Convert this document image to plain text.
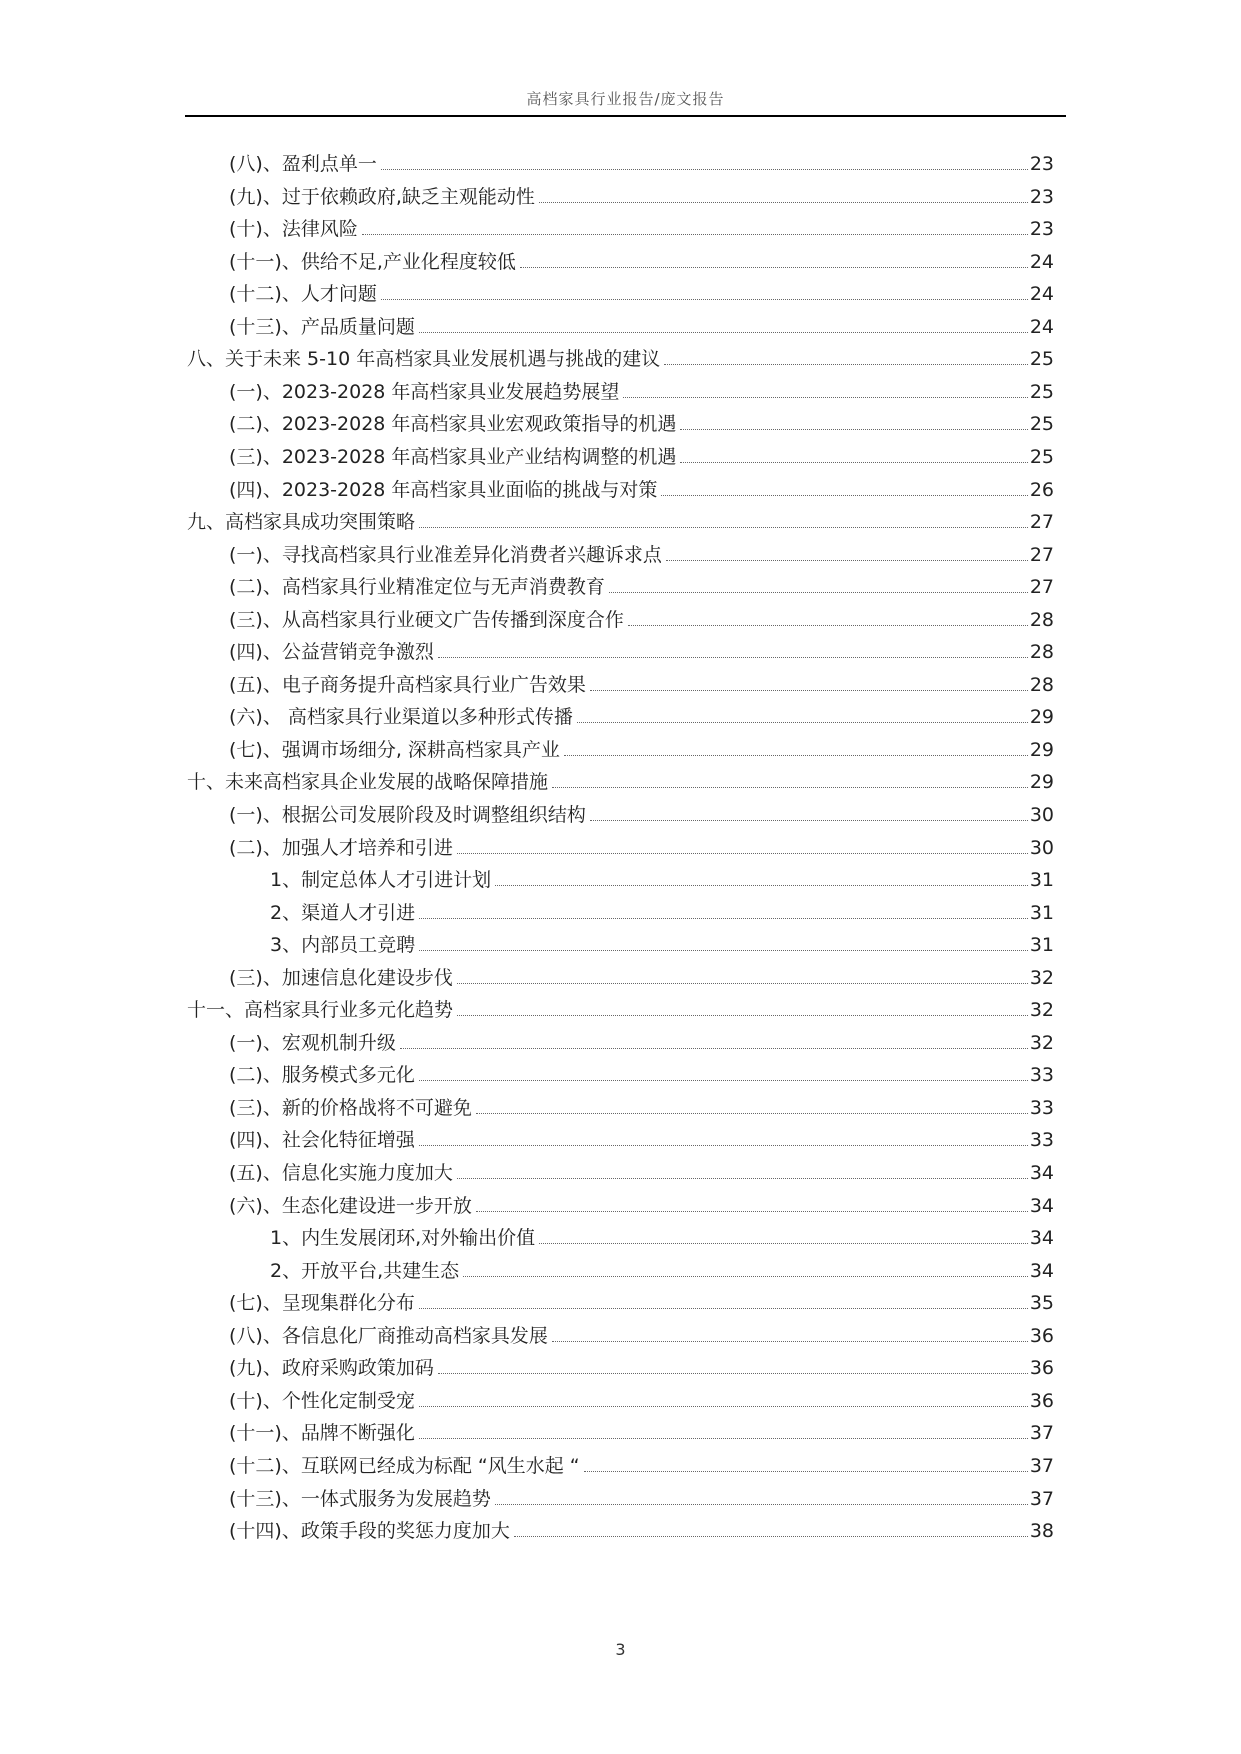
高档家具行业报告/庞文报告
(八)、盈利点单一	23
(九)、过于依赖政府,缺乏主观能动性	23
(十)、法律风险	23
(十一)、供给不足,产业化程度较低	24
(十二)、人才问题	24
(十三)、产品质量问题	24
八、关于未来 5-10 年高档家具业发展机遇与挑战的建议	25
(一)、2023-2028 年高档家具业发展趋势展望	25
(二)、2023-2028 年高档家具业宏观政策指导的机遇	25
(三)、2023-2028 年高档家具业产业结构调整的机遇	25
(四)、2023-2028 年高档家具业面临的挑战与对策	26
九、高档家具成功突围策略	27
(一)、寻找高档家具行业准差异化消费者兴趣诉求点	27
(二)、高档家具行业精准定位与无声消费教育	27
(三)、从高档家具行业硬文广告传播到深度合作	28
(四)、公益营销竞争激烈	28
(五)、电子商务提升高档家具行业广告效果	28
(六)、 高档家具行业渠道以多种形式传播	29
(七)、强调市场细分, 深耕高档家具产业	29
十、未来高档家具企业发展的战略保障措施	29
(一)、根据公司发展阶段及时调整组织结构	30
(二)、加强人才培养和引进	30
1、制定总体人才引进计划	31
2、渠道人才引进	31
3、内部员工竞聘	31
(三)、加速信息化建设步伐	32
十一、高档家具行业多元化趋势	32
(一)、宏观机制升级	32
(二)、服务模式多元化	33
(三)、新的价格战将不可避免	33
(四)、社会化特征增强	33
(五)、信息化实施力度加大	34
(六)、生态化建设进一步开放	34
1、内生发展闭环,对外输出价值	34
2、开放平台,共建生态	34
(七)、呈现集群化分布	35
(八)、各信息化厂商推动高档家具发展	36
(九)、政府采购政策加码	36
(十)、个性化定制受宠	36
(十一)、品牌不断强化	37
(十二)、互联网已经成为标配 “风生水起 “	37
(十三)、一体式服务为发展趋势	37
(十四)、政策手段的奖惩力度加大	38
3
